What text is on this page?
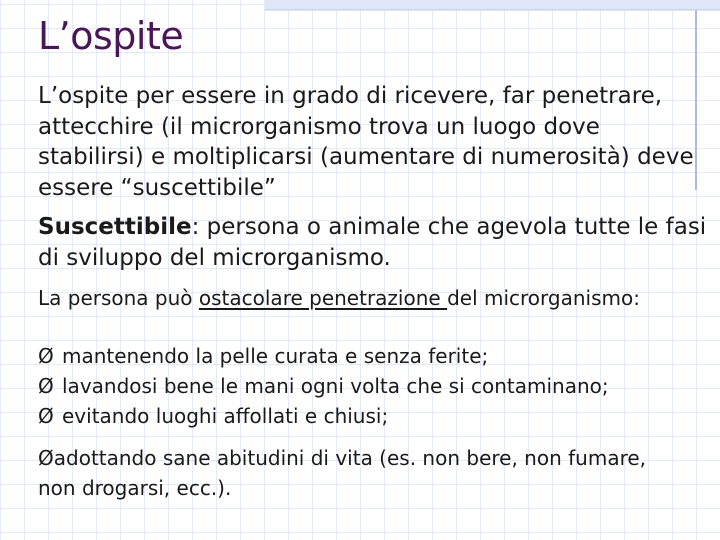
L’ospite

L’ospite per essere in grado di ricevere, far penetrare, attecchire (il microrganismo trova un luogo dove stabilirsi) e moltiplicarsi (aumentare di numerosità) deve essere “suscettibile”

Suscettibile: persona o animale che agevola tutte le fasi di sviluppo del microrganismo.

La persona può ostacolare penetrazione del microrganismo:

Ø mantenendo la pelle curata e senza ferite;

Ø lavandosi bene le mani ogni volta che si contaminano;

Ø evitando luoghi affollati e chiusi;

Øadottando sane abitudini di vita (es. non bere, non fumare, non drogarsi, ecc.).
